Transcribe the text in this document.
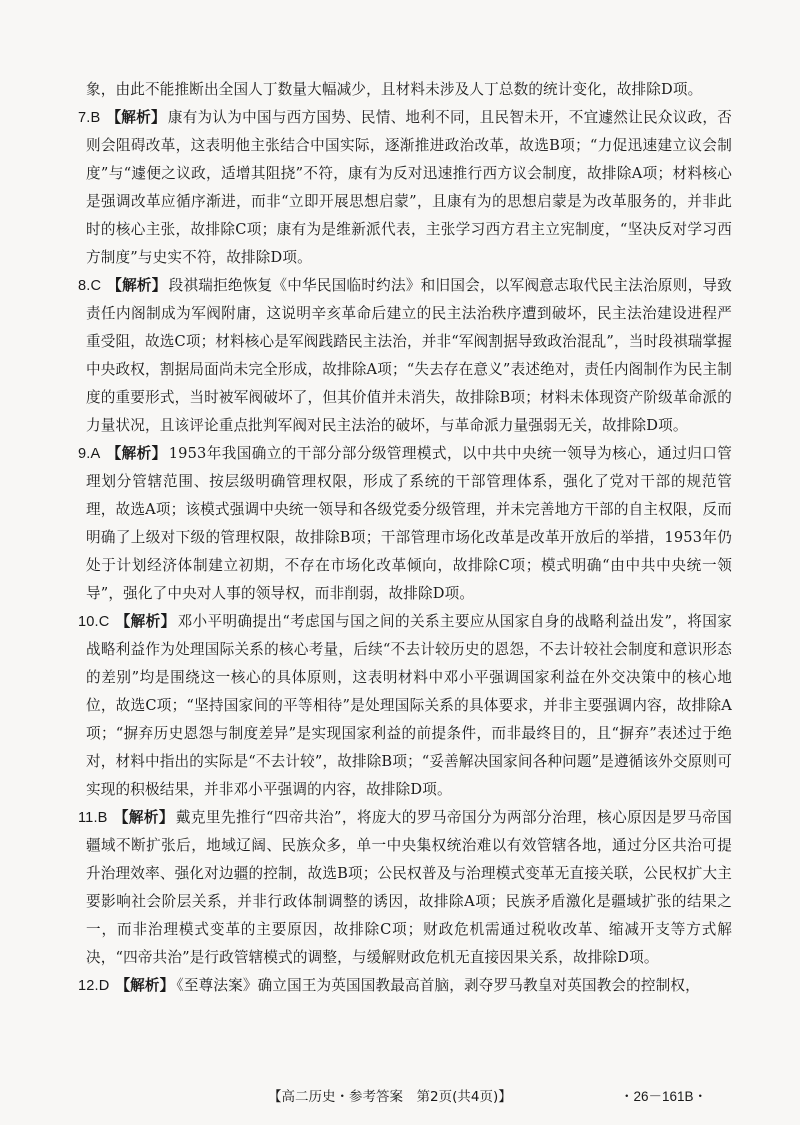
象，由此不能推断出全国人丁数量大幅减少，且材料未涉及人丁总数的统计变化，故排除D项。

7.B 【解析】 康有为认为中国与西方国势、民情、地利不同，且民智未开，不宜遽然让民众议政，否则会阻碍改革，这表明他主张结合中国实际，逐渐推进政治改革，故选B项；“力促迅速建立议会制度”与“遽便之议政，适增其阻挠”不符，康有为反对迅速推行西方议会制度，故排除A项；材料核心是强调改革应循序渐进，而非“立即开展思想启蒙”，且康有为的思想启蒙是为改革服务的，并非此时的核心主张，故排除C项；康有为是维新派代表，主张学习西方君主立宪制度，“坚决反对学习西方制度”与史实不符，故排除D项。

8.C 【解析】 段祺瑞拒绝恢复《中华民国临时约法》和旧国会，以军阀意志取代民主法治原则，导致责任内阁制成为军阀附庸，这说明辛亥革命后建立的民主法治秩序遭到破坏，民主法治建设进程严重受阻，故选C项；材料核心是军阀践踏民主法治，并非“军阀割据导致政治混乱”，当时段祺瑞掌握中央政权，割据局面尚未完全形成，故排除A项；“失去存在意义”表述绝对，责任内阁制作为民主制度的重要形式，当时被军阀破坏了，但其价值并未消失，故排除B项；材料未体现资产阶级革命派的力量状况，且该评论重点批判军阀对民主法治的破坏，与革命派力量强弱无关，故排除D项。

9.A 【解析】 1953年我国确立的干部分部分级管理模式，以中共中央统一领导为核心，通过归口管理划分管辖范围、按层级明确管理权限，形成了系统的干部管理体系，强化了党对干部的规范管理，故选A项；该模式强调中央统一领导和各级党委分级管理，并未完善地方干部的自主权限，反而明确了上级对下级的管理权限，故排除B项；干部管理市场化改革是改革开放后的举措，1953年仍处于计划经济体制建立初期，不存在市场化改革倾向，故排除C项；模式明确“由中共中央统一领导”，强化了中央对人事的领导权，而非削弱，故排除D项。

10.C 【解析】 邓小平明确提出“考虑国与国之间的关系主要应从国家自身的战略利益出发”，将国家战略利益作为处理国际关系的核心考量，后续“不去计较历史的恩怨，不去计较社会制度和意识形态的差别”均是围绕这一核心的具体原则，这表明材料中邓小平强调国家利益在外交决策中的核心地位，故选C项；“坚持国家间的平等相待”是处理国际关系的具体要求，并非主要强调内容，故排除A项；“摒弃历史恩怨与制度差异”是实现国家利益的前提条件，而非最终目的，且“摒弃”表述过于绝对，材料中指出的实际是“不去计较”，故排除B项；“妥善解决国家间各种问题”是遵循该外交原则可实现的积极结果，并非邓小平强调的内容，故排除D项。

11.B 【解析】 戴克里先推行“四帝共治”，将庞大的罗马帝国分为两部分治理，核心原因是罗马帝国疆域不断扩张后，地域辽阔、民族众多，单一中央集权统治难以有效管辖各地，通过分区共治可提升治理效率、强化对边疆的控制，故选B项；公民权普及与治理模式变革无直接关联，公民权扩大主要影响社会阶层关系，并非行政体制调整的诱因，故排除A项；民族矛盾激化是疆域扩张的结果之一，而非治理模式变革的主要原因，故排除C项；财政危机需通过税收改革、缩减开支等方式解决，“四帝共治”是行政管辖模式的调整，与缓解财政危机无直接因果关系，故排除D项。

12.D 【解析】 《至尊法案》确立国王为英国国教最高首脑，剥夺罗马教皇对英国教会的控制权，

【高二历史・参考答案　第2页(共4页)】	・26－161B・
